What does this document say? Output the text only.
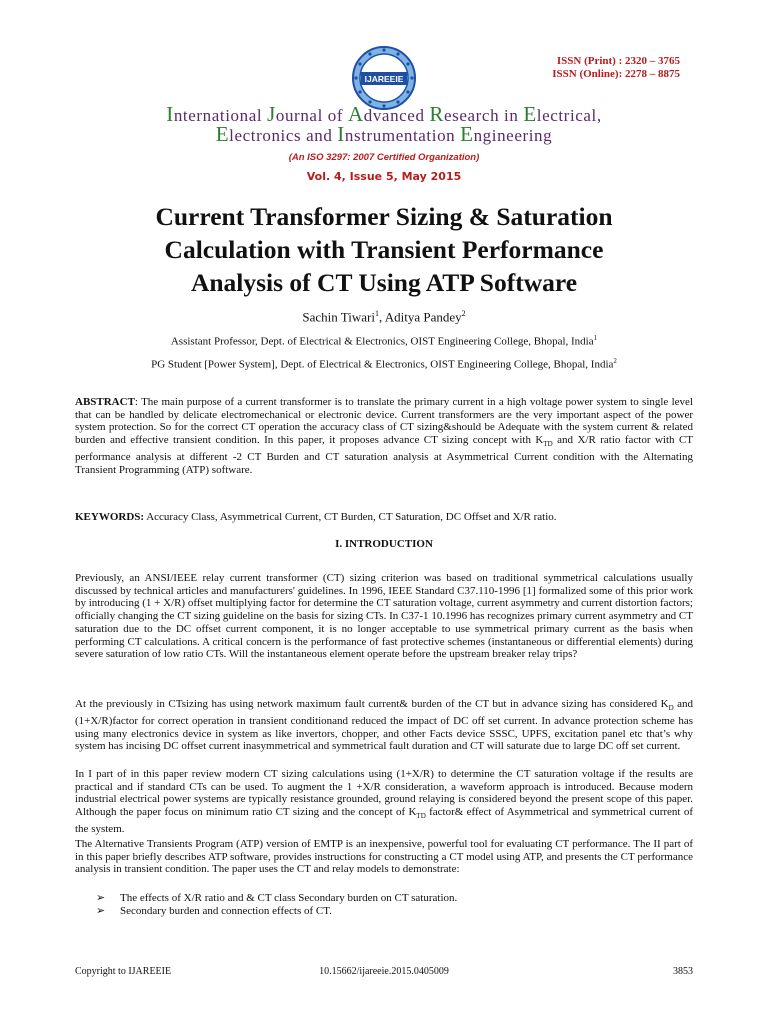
IJAREEIE
ISSN (Print) : 2320 – 3765
ISSN (Online): 2278 – 8875
International Journal of Advanced Research in Electrical,
Electronics and Instrumentation Engineering
(An ISO 3297: 2007 Certified Organization)
Vol. 4, Issue 5, May 2015
Current Transformer Sizing & Saturation
Calculation with Transient Performance
Analysis of CT Using ATP Software
Sachin Tiwari$^1$, Aditya Pandey$^2$
Assistant Professor, Dept. of Electrical & Electronics, OIST Engineering College, Bhopal, India$^1$
PG Student [Power System], Dept. of Electrical & Electronics, OIST Engineering College, Bhopal, India$^2$
ABSTRACT: The main purpose of a current transformer is to translate the primary current in a high voltage power system to single level that can be handled by delicate electromechanical or electronic device. Current transformers are the very important aspect of the power system protection. So for the correct CT operation the accuracy class of CT sizing&should be Adequate with the system current & related burden and effective transient condition. In this paper, it proposes advance CT sizing concept with $K_{TD}$ and X/R ratio factor with CT performance analysis at different -2 CT Burden and CT saturation analysis at Asymmetrical Current condition with the Alternating Transient Programming (ATP) software.
KEYWORDS: Accuracy Class, Asymmetrical Current, CT Burden, CT Saturation, DC Offset and X/R ratio.
I. INTRODUCTION
Previously, an ANSI/IEEE relay current transformer (CT) sizing criterion was based on traditional symmetrical calculations usually discussed by technical articles and manufacturers' guidelines. In 1996, IEEE Standard C37.110-1996 [1] formalized some of this prior work by introducing (1 + X/R) offset multiplying factor for determine the CT saturation voltage, current asymmetry and current distortion factors; officially changing the CT sizing guideline on the basis for sizing CTs. In C37-1 10.1996 has recognizes primary current asymmetry and CT saturation due to the DC offset current component, it is no longer acceptable to use symmetrical primary current as the basis when performing CT calculations. A critical concern is the performance of fast protective schemes (instantaneous or differential elements) during severe saturation of low ratio CTs. Will the instantaneous element operate before the upstream breaker relay trips?
At the previously in CTsizing has using network maximum fault current& burden of the CT but in advance sizing has considered $K_D$ and (1+X/R)factor for correct operation in transient conditionand reduced the impact of DC off set current. In advance protection scheme has using many electronics device in system as like invertors, chopper, and other Facts device SSSC, UPFS, excitation panel etc that’s why system has incising DC offset current inasymmetrical and symmetrical fault duration and CT will saturate due to large DC off set current.
In I part of in this paper review modern CT sizing calculations using (1+X/R) to determine the CT saturation voltage if the results are practical and if standard CTs can be used. To augment the 1 +X/R consideration, a waveform approach is introduced. Because modern industrial electrical power systems are typically resistance grounded, ground relaying is considered beyond the present scope of this paper. Although the paper focus on minimum ratio CT sizing and the concept of $K_{TD}$ factor& effect of Asymmetrical and symmetrical current of the system.
The Alternative Transients Program (ATP) version of EMTP is an inexpensive, powerful tool for evaluating CT performance. The II part of in this paper briefly describes ATP software, provides instructions for constructing a CT model using ATP, and presents the CT performance analysis in transient condition. The paper uses the CT and relay models to demonstrate:
➢ The effects of X/R ratio and & CT class Secondary burden on CT saturation.
➢ Secondary burden and connection effects of CT.
Copyright to IJAREEIE	10.15662/ijareeie.2015.0405009	3853
